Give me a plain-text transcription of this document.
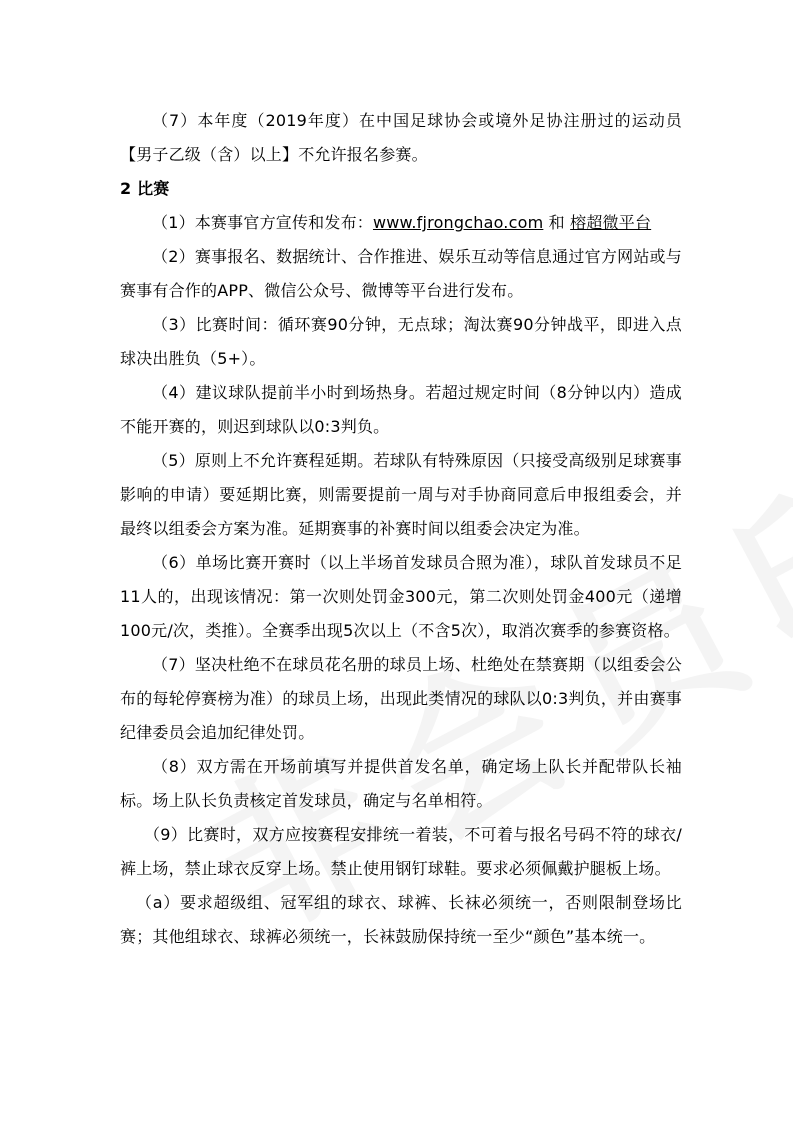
（7）本年度（2019年度）在中国足球协会或境外足协注册过的运动员【男子乙级（含）以上】不允许报名参赛。

2 比赛

（1）本赛事官方宣传和发布：www.fjrongchao.com 和 榕超微平台

（2）赛事报名、数据统计、合作推进、娱乐互动等信息通过官方网站或与赛事有合作的APP、微信公众号、微博等平台进行发布。

（3）比赛时间：循环赛90分钟，无点球；淘汰赛90分钟战平，即进入点球决出胜负（5+）。

（4）建议球队提前半小时到场热身。若超过规定时间（8分钟以内）造成不能开赛的，则迟到球队以0:3判负。

（5）原则上不允许赛程延期。若球队有特殊原因（只接受高级别足球赛事影响的申请）要延期比赛，则需要提前一周与对手协商同意后申报组委会，并最终以组委会方案为准。延期赛事的补赛时间以组委会决定为准。

（6）单场比赛开赛时（以上半场首发球员合照为准），球队首发球员不足11人的，出现该情况：第一次则处罚金300元，第二次则处罚金400元（递增100元/次，类推）。全赛季出现5次以上（不含5次），取消次赛季的参赛资格。

（7）坚决杜绝不在球员花名册的球员上场、杜绝处在禁赛期（以组委会公布的每轮停赛榜为准）的球员上场，出现此类情况的球队以0:3判负，并由赛事纪律委员会追加纪律处罚。

（8）双方需在开场前填写并提供首发名单，确定场上队长并配带队长袖标。场上队长负责核定首发球员，确定与名单相符。

（9）比赛时，双方应按赛程安排统一着装，不可着与报名号码不符的球衣/裤上场，禁止球衣反穿上场。禁止使用钢钉球鞋。要求必须佩戴护腿板上场。

（a）要求超级组、冠军组的球衣、球裤、长袜必须统一，否则限制登场比赛；其他组球衣、球裤必须统一，长袜鼓励保持统一至少“颜色”基本统一。
